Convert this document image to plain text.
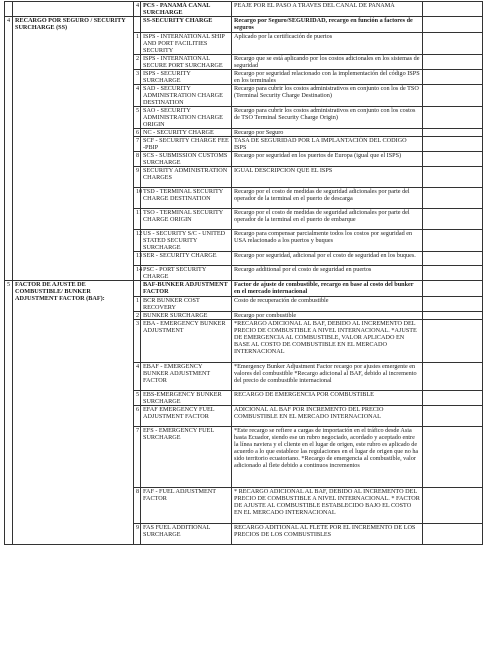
		4	PCS - PANAMÁ CANAL SURCHARGE	PEAJE POR EL PASO A TRAVES DEL CANAL DE PANAMÁ	
4	RECARGO POR SEGURO / SECURITY SURCHARGE (SS)		SS-SECURITY CHARGE	Recargo por Seguro/SEGURIDAD, recargo en función a factores de seguros	
		1	ISPS - INTERNATIONAL SHIP AND PORT FACILITIES SECURITY	Aplicado por la certificación de puertos	
		2	ISPS - INTERNATIONAL SECURE PORT SURCHARGE	Recargo que se está aplicando por los costos adicionales en los sistemas de seguridad	
		3	ISPS - SECURITY SURCHARGE	Recargo por seguridad relacionado con la implementación del código ISPS en los terminales	
		4	SAD - SECURITY ADMINISTRATION CHARGE DESTINATION	Recargo para cubrir los costos administrativos en conjunto con los de TSO (Terminal Security Charge Destination)	
		5	SAO - SECURITY ADMINISTRATION CHARGE ORIGIN	Recargo para cubrir los costos administrativos en conjunto con los costos de TSO Terminal Security Charge Origin)	
		6	NC - SECURITY CHARGE	Recargo por Seguro	
		7	SCF - SECURITY CHARGE FEE -PBIP	TASA DE SEGURIDAD POR LA IMPLANTACIÓN DEL CODIGO ISPS	
		8	SCS - SUBMISSION CUSTOMS SURCHARGE	Recargo por seguridad en los puertos de Europa (igual que el ISPS)	
		9	SECURITY ADMINISTRATION CHARGES	IGUAL DESCRIPCION QUE EL ISPS	
		10	TSD - TERMINAL SECURITY CHARGE DESTINATION	Recargo por el costo de medidas de seguridad adicionales por parte del operador de la terminal en el puerto de descarga	
		11	TSO - TERMINAL SECURITY CHARGE ORIGIN	Recargo por el costo de medidas de seguridad adicionales por parte del operador de la terminal en el puerto de embarque	
		12	US - SECURITY S/C - UNITED STATED SECURITY SURCHARGE	Recargo para compensar parcialmente todos los costos por seguridad en USA relacionado a los puertos y buques	
		13	SER - SECURITY CHARGE	Recargo por seguridad, adicional por el costo de seguridad en los buques.	
		14	PSC - PORT SECURITY CHARGE	Recargo additional por el costo de seguridad en puertos	
5	FACTOR DE AJUSTE DE COMBUSTIBLE/ BUNKER ADJUSTMENT FACTOR (BAF):		BAF-BUNKER ADJUSTMENT FACTOR	Factor de ajuste de combustible, recargo en base al costo del bunker en el mercado internacional	
		1	BCR BUNKER COST RECOVERY	Costo de recuperación de combustible	
		2	BUNKER SURCHARGE	Recargo por combustible	
		3	EBA - EMERGENCY BUNKER ADJUSTMENT	*RECARGO ADICIONAL AL BAF, DEBIDO AL INCREMENTO DEL PRECIO DE COMBUSTIBLE A NIVEL INTERNACIONAL. *AJUSTE DE EMERGENCIA AL COMBUSTIBLE, VALOR APLICADO EN BASE AL COSTO DE COMBUSTIBLE EN EL MERCADO INTERNACIONAL	
		4	EBAF - EMERGENCY BUNKER ADJUSTMENT FACTOR	*Emergency Bunker Adjustment Factor recargo por ajustes emergente en valores del combustible *Recargo adicional al BAF, debido al incremento del precio de combustible internacional	
		5	EBS-EMERGENCY BUNKER SURCHARGE	RECARGO DE EMERGENCIA POR COMBUSTIBLE	
		6	EFAF EMERGENCY FUEL ADJUSTMENT FACTOR	ADICIONAL AL BAF POR INCREMENTO DEL PRECIO COMBUSTIBLE EN EL MERCADO INTERNACIONAL	
		7	EFS - EMERGENCY FUEL SURCHARGE	*Este recargo se refiere a cargas de importación en el tráfico desde Asia hasta Ecuador, siendo ese un rubro negociado, acordado y aceptado entre la línea naviera y el cliente en el lugar de origen, este rubro es aplicado de acuerdo a lo que establece las regulaciones en el lugar de origen que no ha sido territorio ecuatoriano. *Recargo de emergencia al combustible, valor adicionado al flete debido a continuos incrementos	
		8	FAF - FUEL ADJUSTMENT FACTOR	* RECARGO ADICIONAL AL BAF, DEBIDO AL INCREMENTO DEL PRECIO DE COMBUSTIBLE A NIVEL INTERNACIONAL. * FACTOR DE AJUSTE AL COMBUSTIBLE ESTABLECIDO BAJO EL COSTO EN EL MERCADO INTERNACIONAL	
		9	FAS FUEL ADDITIONAL SURCHARGE	RECARGO ADITIONAL AL FLETE POR EL INCREMENTO DE LOS PRECIOS DE LOS COMBUSTIBLES	
